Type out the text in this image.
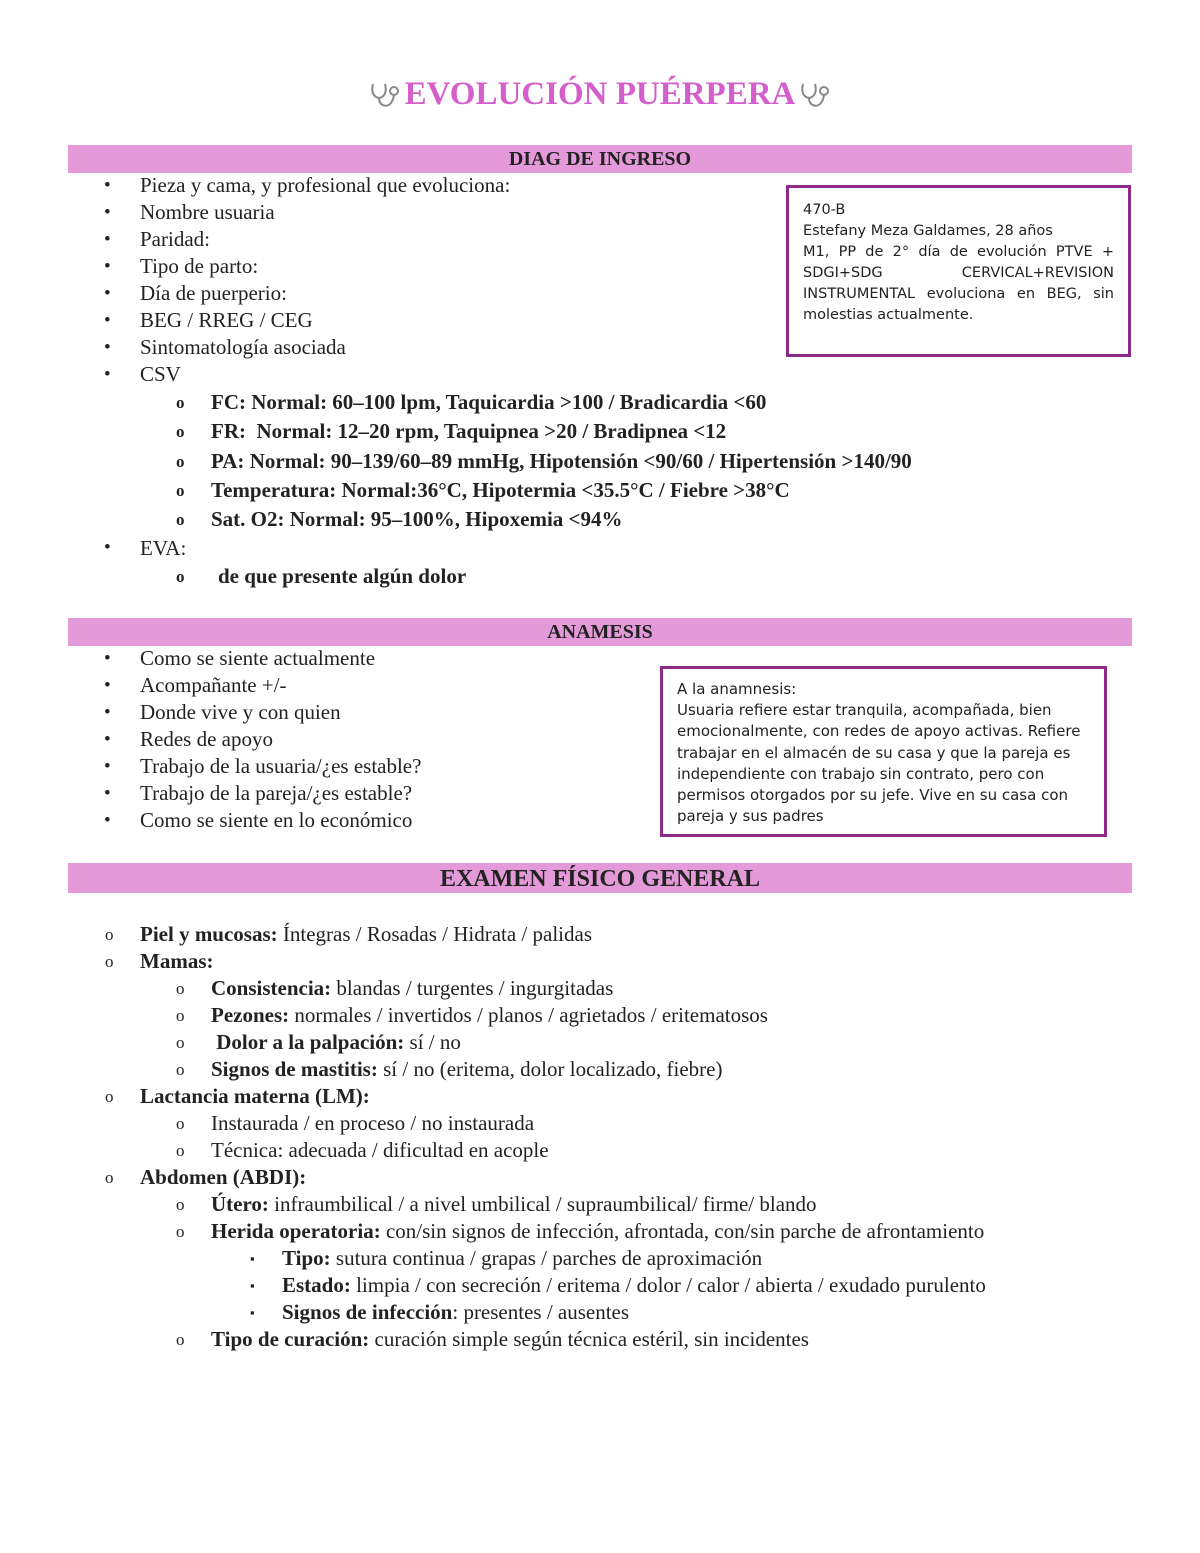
EVOLUCIÓN PUÉRPERA
DIAG DE INGRESO
• Pieza y cama, y profesional que evoluciona:
• Nombre usuaria
• Paridad:
• Tipo de parto:
• Día de puerperio:
• BEG / RREG / CEG
• Sintomatología asociada
• CSV
o FC: Normal: 60–100 lpm, Taquicardia >100 / Bradicardia <60
o FR:  Normal: 12–20 rpm, Taquipnea >20 / Bradipnea <12
o PA: Normal: 90–139/60–89 mmHg, Hipotensión <90/60 / Hipertensión >140/90
o Temperatura: Normal:36°C, Hipotermia <35.5°C / Fiebre >38°C
o Sat. O2: Normal: 95–100%, Hipoxemia <94%
• EVA:
o de que presente algún dolor
470-B
Estefany Meza Galdames, 28 años
M1, PP de 2° día de evolución PTVE + SDGI+SDG CERVICAL+REVISION INSTRUMENTAL evoluciona en BEG, sin molestias actualmente.
ANAMESIS
• Como se siente actualmente
• Acompañante +/-
• Donde vive y con quien
• Redes de apoyo
• Trabajo de la usuaria/¿es estable?
• Trabajo de la pareja/¿es estable?
• Como se siente en lo económico
A la anamnesis:
Usuaria refiere estar tranquila, acompañada, bien emocionalmente, con redes de apoyo activas. Refiere trabajar en el almacén de su casa y que la pareja es independiente con trabajo sin contrato, pero con permisos otorgados por su jefe. Vive en su casa con pareja y sus padres
EXAMEN FÍSICO GENERAL
o Piel y mucosas: Íntegras / Rosadas / Hidrata / palidas
o Mamas:
o Consistencia: blandas / turgentes / ingurgitadas
o Pezones: normales / invertidos / planos / agrietados / eritematosos
o  Dolor a la palpación: sí / no
o Signos de mastitis: sí / no (eritema, dolor localizado, fiebre)
o Lactancia materna (LM):
o Instaurada / en proceso / no instaurada
o Técnica: adecuada / dificultad en acople
o Abdomen (ABDI):
o Útero: infraumbilical / a nivel umbilical / supraumbilical/ firme/ blando
o Herida operatoria: con/sin signos de infección, afrontada, con/sin parche de afrontamiento
▪ Tipo: sutura continua / grapas / parches de aproximación
▪ Estado: limpia / con secreción / eritema / dolor / calor / abierta / exudado purulento
▪ Signos de infección: presentes / ausentes
o Tipo de curación: curación simple según técnica estéril, sin incidentes
